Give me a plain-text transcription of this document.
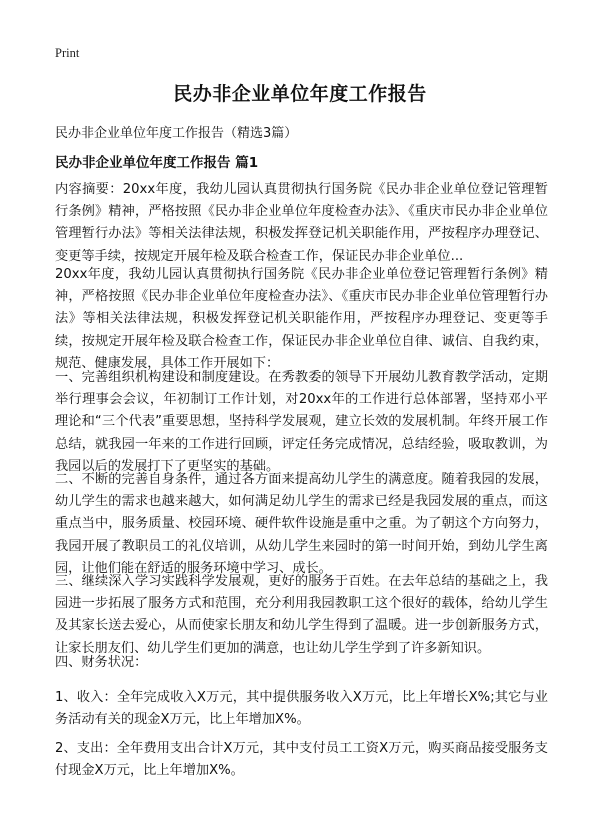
Print
民办非企业单位年度工作报告
民办非企业单位年度工作报告（精选3篇）
民办非企业单位年度工作报告 篇1

内容摘要：20xx年度，我幼儿园认真贯彻执行国务院《民办非企业单位登记管理暂行条例》精神，严格按照《民办非企业单位年度检查办法》、《重庆市民办非企业单位管理暂行办法》等相关法律法规，积极发挥登记机关职能作用，严按程序办理登记、变更等手续，按规定开展年检及联合检查工作，保证民办非企业单位...

20xx年度，我幼儿园认真贯彻执行国务院《民办非企业单位登记管理暂行条例》精神，严格按照《民办非企业单位年度检查办法》、《重庆市民办非企业单位管理暂行办法》等相关法律法规，积极发挥登记机关职能作用，严按程序办理登记、变更等手续，按规定开展年检及联合检查工作，保证民办非企业单位自律、诚信、自我约束，规范、健康发展，具体工作开展如下：

一、完善组织机构建设和制度建设。在秀教委的领导下开展幼儿教育教学活动，定期举行理事会会议，年初制订工作计划，对20xx年的工作进行总体部署，坚持邓小平理论和“三个代表”重要思想，坚持科学发展观，建立长效的发展机制。年终开展工作总结，就我园一年来的工作进行回顾，评定任务完成情况，总结经验，吸取教训，为我园以后的发展打下了更坚实的基础。

二、不断的完善自身条件，通过各方面来提高幼儿学生的满意度。随着我园的发展，幼儿学生的需求也越来越大，如何满足幼儿学生的需求已经是我园发展的重点，而这重点当中，服务质量、校园环境、硬件软件设施是重中之重。为了朝这个方向努力，我园开展了教职员工的礼仪培训，从幼儿学生来园时的第一时间开始，到幼儿学生离园，让他们能在舒适的服务环境中学习、成长。

三、继续深入学习实践科学发展观，更好的服务于百姓。在去年总结的基础之上，我园进一步拓展了服务方式和范围，充分利用我园教职工这个很好的载体，给幼儿学生及其家长送去爱心，从而使家长朋友和幼儿学生得到了温暖。进一步创新服务方式，让家长朋友们、幼儿学生们更加的满意，也让幼儿学生学到了许多新知识。

四、财务状况：

1、收入：全年完成收入X万元，其中提供服务收入X万元，比上年增长X%;其它与业务活动有关的现金X万元，比上年增加X%。

2、支出：全年费用支出合计X万元，其中支付员工工资X万元，购买商品接受服务支付现金X万元，比上年增加X%。
